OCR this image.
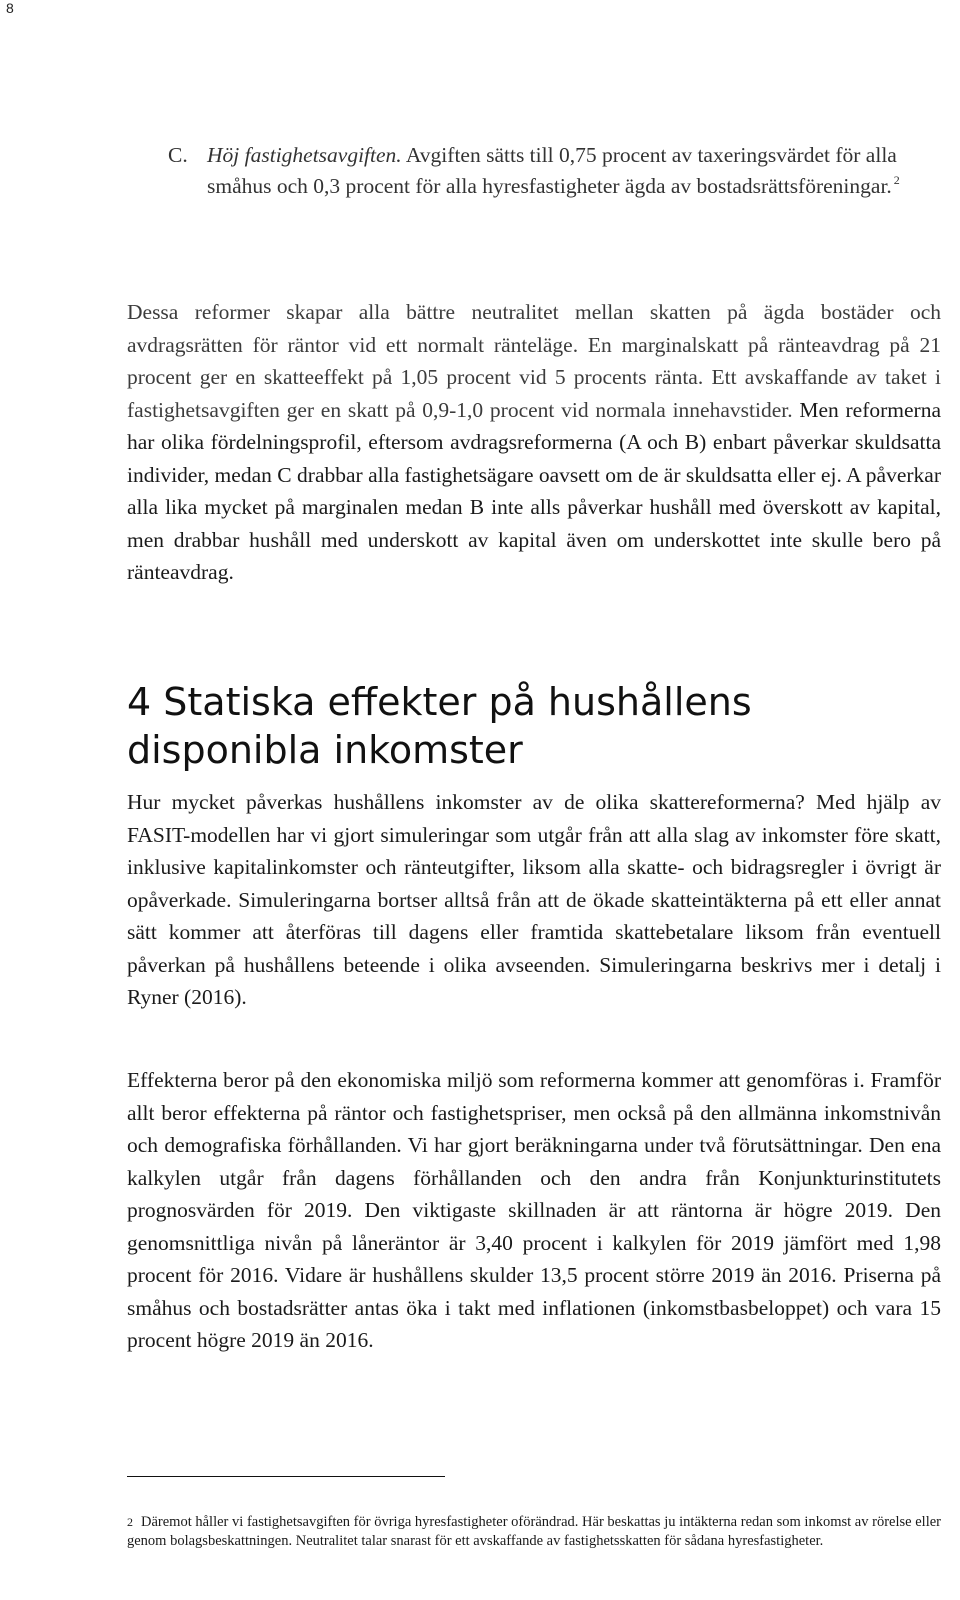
8
C. Höj fastighetsavgiften. Avgiften sätts till 0,75 procent av taxeringsvärdet för alla småhus och 0,3 procent för alla hyresfastigheter ägda av bostadsrättsföreningar. $^2$

Dessa reformer skapar alla bättre neutralitet mellan skatten på ägda bostäder och avdragsrätten för räntor vid ett normalt ränteläge. En marginalskatt på ränteavdrag på 21 procent ger en skatteeffekt på 1,05 procent vid 5 procents ränta. Ett avskaffande av taket i fastighetsavgiften ger en skatt på 0,9-1,0 procent vid normala innehavstider. Men reformerna har olika fördelningsprofil, eftersom avdragsreformerna (A och B) enbart påverkar skuldsatta individer, medan C drabbar alla fastighetsägare oavsett om de är skuldsatta eller ej. A påverkar alla lika mycket på marginalen medan B inte alls påverkar hushåll med överskott av kapital, men drabbar hushåll med underskott av kapital även om underskottet inte skulle bero på ränteavdrag.

4 Statiska effekter på hushållens disponibla inkomster

Hur mycket påverkas hushållens inkomster av de olika skattereformerna? Med hjälp av FASIT-modellen har vi gjort simuleringar som utgår från att alla slag av inkomster före skatt, inklusive kapitalinkomster och ränteutgifter, liksom alla skatte- och bidragsregler i övrigt är opåverkade. Simuleringarna bortser alltså från att de ökade skatteintäkterna på ett eller annat sätt kommer att återföras till dagens eller framtida skattebetalare liksom från eventuell påverkan på hushållens beteende i olika avseenden. Simuleringarna beskrivs mer i detalj i Ryner (2016).

Effekterna beror på den ekonomiska miljö som reformerna kommer att genomföras i. Framför allt beror effekterna på räntor och fastighetspriser, men också på den allmänna inkomstnivån och demografiska förhållanden. Vi har gjort beräkningarna under två förutsättningar. Den ena kalkylen utgår från dagens förhållanden och den andra från Konjunkturinstitutets prognosvärden för 2019. Den viktigaste skillnaden är att räntorna är högre 2019. Den genomsnittliga nivån på låneräntor är 3,40 procent i kalkylen för 2019 jämfört med 1,98 procent för 2016. Vidare är hushållens skulder 13,5 procent större 2019 än 2016. Priserna på småhus och bostadsrätter antas öka i takt med inflationen (inkomstbasbeloppet) och vara 15 procent högre 2019 än 2016.

2 Däremot håller vi fastighetsavgiften för övriga hyresfastigheter oförändrad. Här beskattas ju intäkterna redan som inkomst av rörelse eller genom bolagsbeskattningen. Neutralitet talar snarast för ett avskaffande av fastighetsskatten för sådana hyresfastigheter.
